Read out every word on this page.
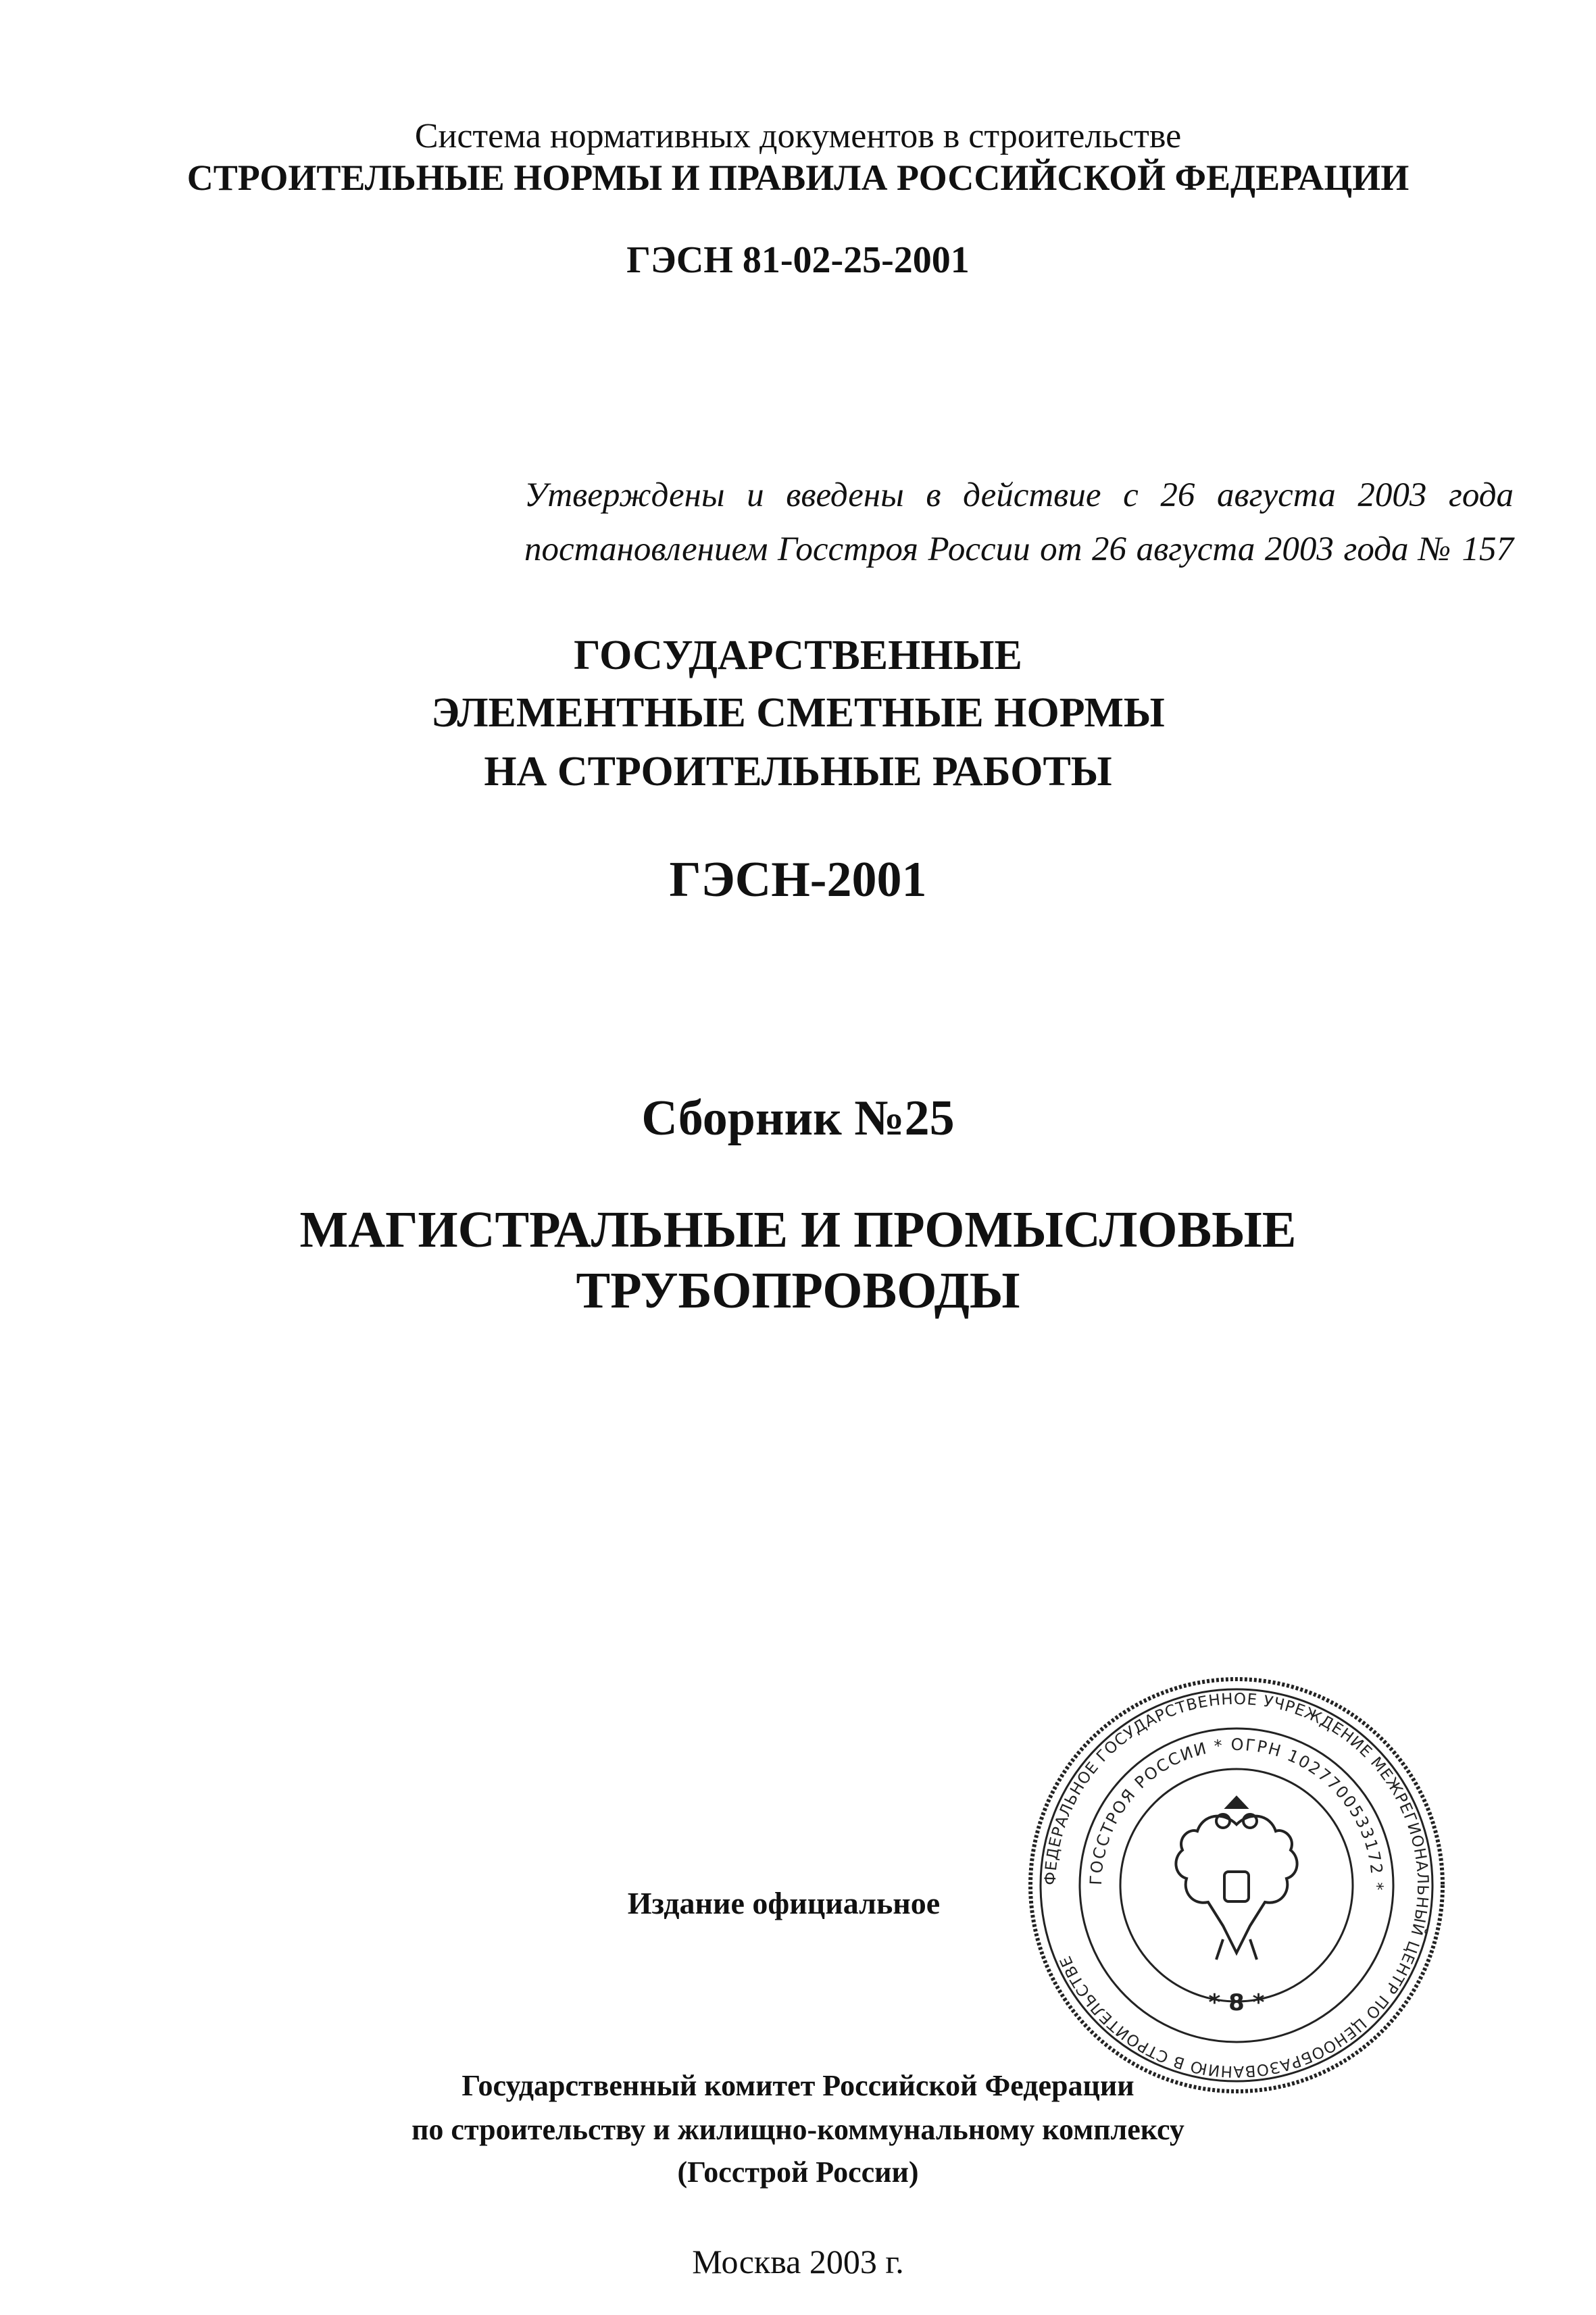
Система нормативных документов в строительстве
СТРОИТЕЛЬНЫЕ НОРМЫ И ПРАВИЛА РОССИЙСКОЙ ФЕДЕРАЦИИ
ГЭСН 81-02-25-2001
Утверждены и введены в действие с 26 августа 2003 года
постановлением Госстроя России от 26 августа 2003 года № 157
ГОСУДАРСТВЕННЫЕ
ЭЛЕМЕНТНЫЕ СМЕТНЫЕ НОРМЫ
НА СТРОИТЕЛЬНЫЕ РАБОТЫ
ГЭСН-2001
Сборник №25
МАГИСТРАЛЬНЫЕ И ПРОМЫСЛОВЫЕ
ТРУБОПРОВОДЫ
Издание официальное
ФЕДЕРАЛЬНОЕ ГОСУДАРСТВЕННОЕ УЧРЕЖДЕНИЕ МЕЖРЕГИОНАЛЬНЫЙ ЦЕНТР ПО ЦЕНООБРАЗОВАНИЮ В СТРОИТЕЛЬСТВЕ
ГОССТРОЯ РОССИИ * ОГРН 1027700533172 *
* 8 *
Государственный комитет Российской Федерации
по строительству и жилищно-коммунальному комплексу
(Госстрой России)
Москва 2003 г.
